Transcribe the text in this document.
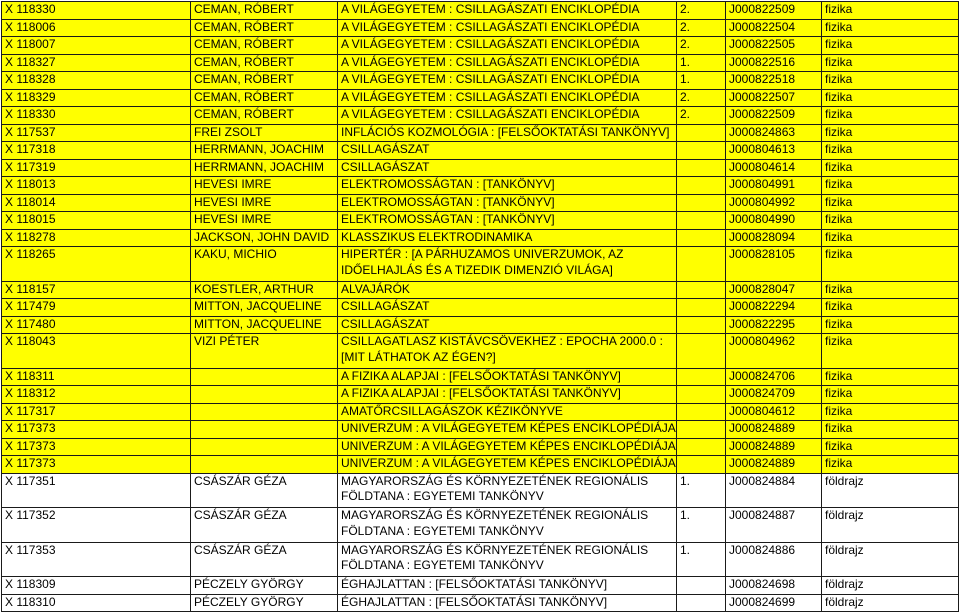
X 118330	CEMAN, RÓBERT	A VILÁGEGYETEM : CSILLAGÁSZATI ENCIKLOPÉDIA	2.	J000822509	fizika
X 118006	CEMAN, RÓBERT	A VILÁGEGYETEM : CSILLAGÁSZATI ENCIKLOPÉDIA	2.	J000822504	fizika
X 118007	CEMAN, RÓBERT	A VILÁGEGYETEM : CSILLAGÁSZATI ENCIKLOPÉDIA	2.	J000822505	fizika
X 118327	CEMAN, RÓBERT	A VILÁGEGYETEM : CSILLAGÁSZATI ENCIKLOPÉDIA	1.	J000822516	fizika
X 118328	CEMAN, RÓBERT	A VILÁGEGYETEM : CSILLAGÁSZATI ENCIKLOPÉDIA	1.	J000822518	fizika
X 118329	CEMAN, RÓBERT	A VILÁGEGYETEM : CSILLAGÁSZATI ENCIKLOPÉDIA	2.	J000822507	fizika
X 118330	CEMAN, RÓBERT	A VILÁGEGYETEM : CSILLAGÁSZATI ENCIKLOPÉDIA	2.	J000822509	fizika
X 117537	FREI ZSOLT	INFLÁCIÓS KOZMOLÓGIA : [FELSŐOKTATÁSI TANKÖNYV]		J000824863	fizika
X 117318	HERRMANN, JOACHIM	CSILLAGÁSZAT		J000804613	fizika
X 117319	HERRMANN, JOACHIM	CSILLAGÁSZAT		J000804614	fizika
X 118013	HEVESI IMRE	ELEKTROMOSSÁGTAN : [TANKÖNYV]		J000804991	fizika
X 118014	HEVESI IMRE	ELEKTROMOSSÁGTAN : [TANKÖNYV]		J000804992	fizika
X 118015	HEVESI IMRE	ELEKTROMOSSÁGTAN : [TANKÖNYV]		J000804990	fizika
X 118278	JACKSON, JOHN DAVID	KLASSZIKUS ELEKTRODINAMIKA		J000828094	fizika
X 118265	KAKU, MICHIO	HIPERTÉR : [A PÁRHUZAMOS UNIVERZUMOK, AZ IDŐELHAJLÁS ÉS A TIZEDIK DIMENZIÓ VILÁGA]		J000828105	fizika
X 118157	KOESTLER, ARTHUR	ALVAJÁRÓK		J000828047	fizika
X 117479	MITTON, JACQUELINE	CSILLAGÁSZAT		J000822294	fizika
X 117480	MITTON, JACQUELINE	CSILLAGÁSZAT		J000822295	fizika
X 118043	VIZI PÉTER	CSILLAGATLASZ KISTÁVCSÖVEKHEZ : EPOCHA 2000.0 : [MIT LÁTHATOK AZ ÉGEN?]		J000804962	fizika
X 118311		A FIZIKA ALAPJAI : [FELSŐOKTATÁSI TANKÖNYV]		J000824706	fizika
X 118312		A FIZIKA ALAPJAI : [FELSŐOKTATÁSI TANKÖNYV]		J000824709	fizika
X 117317		AMATŐRCSILLAGÁSZOK KÉZIKÖNYVE		J000804612	fizika
X 117373		UNIVERZUM : A VILÁGEGYETEM KÉPES ENCIKLOPÉDIÁJA		J000824889	fizika
X 117373		UNIVERZUM : A VILÁGEGYETEM KÉPES ENCIKLOPÉDIÁJA		J000824889	fizika
X 117373		UNIVERZUM : A VILÁGEGYETEM KÉPES ENCIKLOPÉDIÁJA		J000824889	fizika
X 117351	CSÁSZÁR GÉZA	MAGYARORSZÁG ÉS KÖRNYEZETÉNEK REGIONÁLIS FÖLDTANA : EGYETEMI TANKÖNYV	1.	J000824884	földrajz
X 117352	CSÁSZÁR GÉZA	MAGYARORSZÁG ÉS KÖRNYEZETÉNEK REGIONÁLIS FÖLDTANA : EGYETEMI TANKÖNYV	1.	J000824887	földrajz
X 117353	CSÁSZÁR GÉZA	MAGYARORSZÁG ÉS KÖRNYEZETÉNEK REGIONÁLIS FÖLDTANA : EGYETEMI TANKÖNYV	1.	J000824886	földrajz
X 118309	PÉCZELY GYÖRGY	ÉGHAJLATTAN : [FELSŐOKTATÁSI TANKÖNYV]		J000824698	földrajz
X 118310	PÉCZELY GYÖRGY	ÉGHAJLATTAN : [FELSŐOKTATÁSI TANKÖNYV]		J000824699	földrajz
